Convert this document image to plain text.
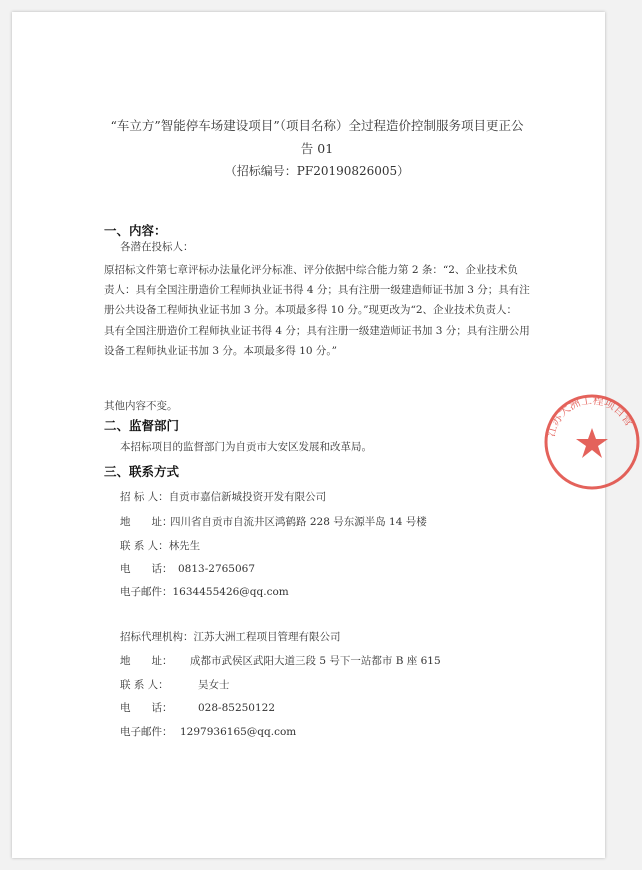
“车立方”智能停车场建设项目”（项目名称）全过程造价控制服务项目更正公
告 01
（招标编号：PF20190826005）
一、内容：
各潜在投标人：
原招标文件第七章评标办法量化评分标准、评分依据中综合能力第 2 条：“2、企业技术负
责人：具有全国注册造价工程师执业证书得 4 分；具有注册一级建造师证书加 3 分；具有注
册公共设备工程师执业证书加 3 分。本项最多得 10 分。”现更改为“2、企业技术负责人：
具有全国注册造价工程师执业证书得 4 分；具有注册一级建造师证书加 3 分；具有注册公用
设备工程师执业证书加 3 分。本项最多得 10 分。”
其他内容不变。
二、监督部门
本招标项目的监督部门为自贡市大安区发展和改革局。
三、联系方式
招 标 人：自贡市嘉信新城投资开发有限公司
地　　址：四川省自贡市自流井区鸿鹤路 228 号东源半岛 14 号楼
联 系 人：林先生
电　　话： 0813-2765067
电子邮件：1634455426@qq.com
招标代理机构：江苏大洲工程项目管理有限公司
地　　址： 成都市武侯区武阳大道三段 5 号下一站都市 B 座 615
联 系 人：	吴女士
电　　话： 028-85250122
电子邮件： 1297936165@qq.com
江苏大洲工程项目管
